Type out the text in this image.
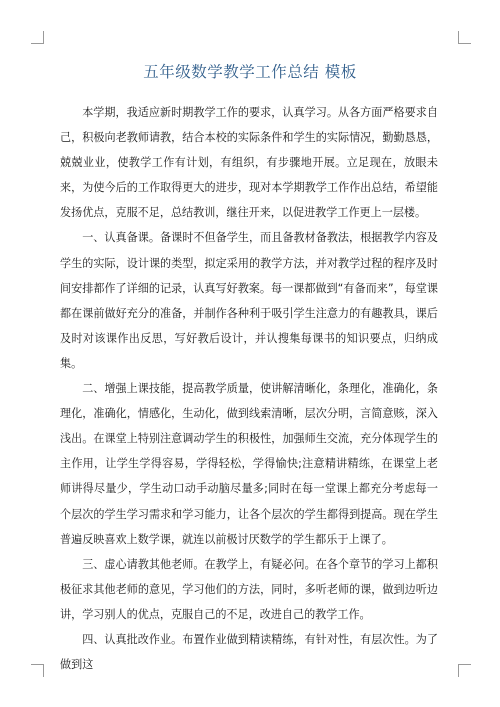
五年级数学教学工作总结 模板

本学期，我适应新时期教学工作的要求，认真学习。从各方面严格要求自己，积极向老教师请教，结合本校的实际条件和学生的实际情况，勤勤恳恳，兢兢业业，使教学工作有计划，有组织，有步骤地开展。立足现在，放眼未来，为使今后的工作取得更大的进步，现对本学期教学工作作出总结，希望能发扬优点，克服不足，总结教训，继往开来，以促进教学工作更上一层楼。

一、认真备课。备课时不但备学生，而且备教材备教法，根据教学内容及学生的实际，设计课的类型，拟定采用的教学方法，并对教学过程的程序及时间安排都作了详细的记录，认真写好教案。每一课都做到“有备而来”，每堂课都在课前做好充分的准备，并制作各种利于吸引学生注意力的有趣教具，课后及时对该课作出反思，写好教后设计，并认搜集每课书的知识要点，归纳成集。

二、增强上课技能，提高教学质量，使讲解清晰化，条理化，准确化，条理化，准确化，情感化，生动化，做到线索清晰，层次分明，言简意赅，深入浅出。在课堂上特别注意调动学生的积极性，加强师生交流，充分体现学生的主作用，让学生学得容易，学得轻松，学得愉快;注意精讲精练，在课堂上老师讲得尽量少，学生动口动手动脑尽量多;同时在每一堂课上都充分考虑每一个层次的学生学习需求和学习能力，让各个层次的学生都得到提高。现在学生普遍反映喜欢上数学课，就连以前极讨厌数学的学生都乐于上课了。

三、虚心请教其他老师。在教学上，有疑必问。在各个章节的学习上都积极征求其他老师的意见，学习他们的方法，同时，多听老师的课，做到边听边讲，学习别人的优点，克服自己的不足，改进自己的教学工作。

四、认真批改作业。布置作业做到精读精练，有针对性，有层次性。为了做到这
